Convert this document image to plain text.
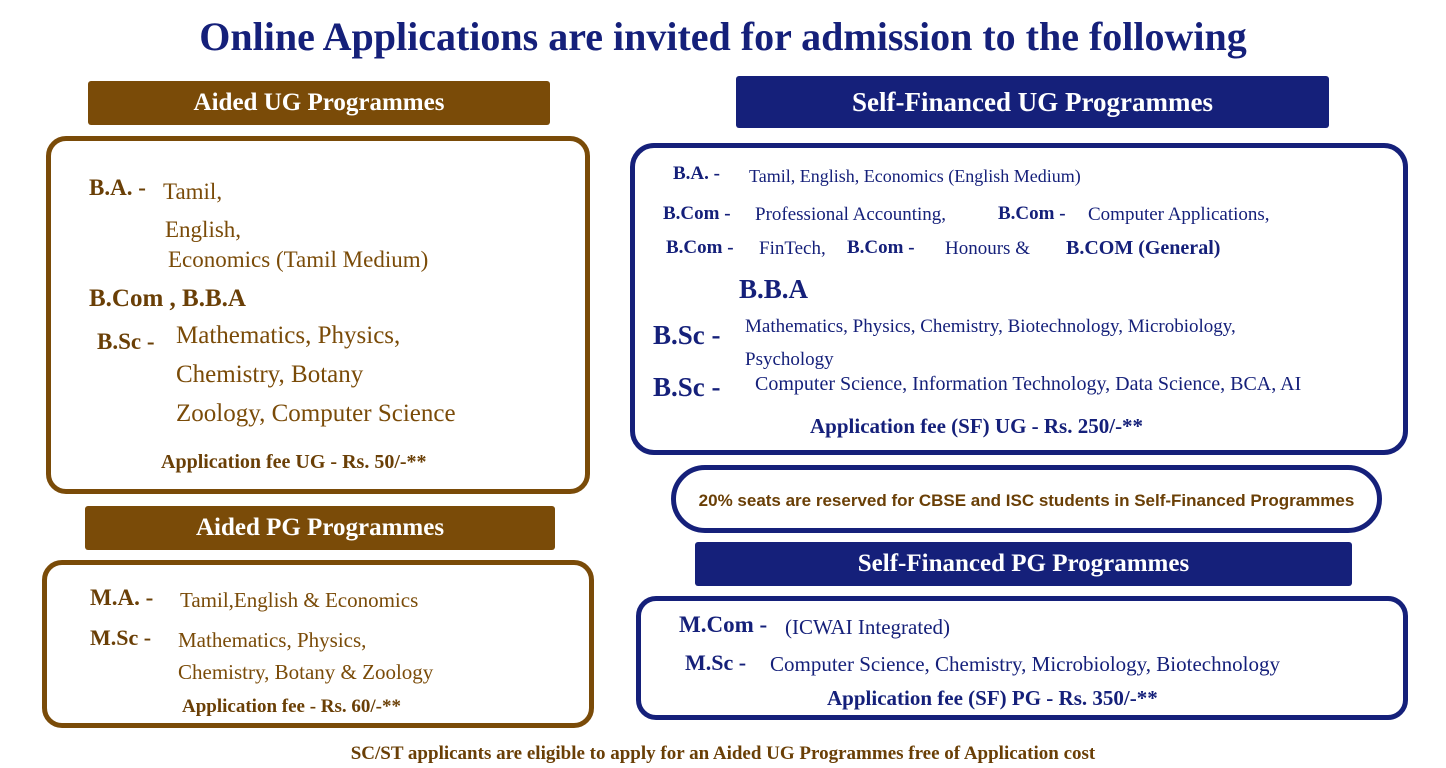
Online Applications are invited for admission to the following
Aided UG Programmes
B.A. - Tamil,
English,
Economics (Tamil Medium)
B.Com , B.B.A
B.Sc - Mathematics, Physics,
Chemistry, Botany
Zoology, Computer Science
Application fee UG - Rs. 50/-**
Aided PG Programmes
M.A. - Tamil,English & Economics
M.Sc - Mathematics, Physics,
Chemistry, Botany & Zoology
Application fee - Rs. 60/-**
Self-Financed UG Programmes
B.A. - Tamil, English, Economics (English Medium)
B.Com - Professional Accounting,	B.Com - Computer Applications,
B.Com - FinTech, B.Com - Honours & B.COM (General)
B.B.A
B.Sc - Mathematics, Physics, Chemistry, Biotechnology, Microbiology,
Psychology
B.Sc - Computer Science, Information Technology, Data Science, BCA, AI
Application fee (SF) UG - Rs. 250/-**
20% seats are reserved for CBSE and ISC students in Self-Financed Programmes
Self-Financed PG Programmes
M.Com - (ICWAI Integrated)
M.Sc - Computer Science, Chemistry, Microbiology, Biotechnology
Application fee (SF) PG - Rs. 350/-**
SC/ST applicants are eligible to apply for an Aided UG Programmes free of Application cost
